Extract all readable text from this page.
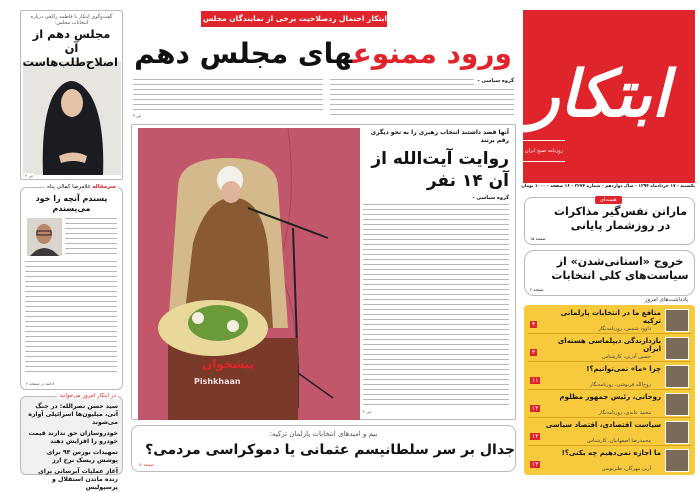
گفت‌وگوی ابتکار با فاطمه راکعی درباره انتخابات مجلس:
مجلس دهم از آن اصلاح‌طلب‌هاست
ص ۳
سرمقاله غلامرضا کمالی پناه
پسندم آنچه را خود می‌پسندم
ادامه در صفحه ۲
در ابتکار امروز می‌خوانید
سید حسن نصرالله: در جنگ آتی، میلیون‌ها اسرائیلی آواره می‌شوند
خودروسازان حق ندارند قیمت خودرو را افزایش دهند
تمهیدات بورس ۹۴ برای پوشش ریسک نرخ ارز
آغاز عملیات آبرسانی برای زنده ماندن استقلال و پرسپولیس
ابتکار احتمال ردصلاحیت برخی از نمایندگان مجلس را بررسی می کند:
ورود ممنوعهای مجلس دهم
گروه سیاسی -
ص ۳
پیشخوان
Pishkhaan
آنها قصد داشتند انتخاب رهبری را به نحو دیگری رقم بزنند
روایت آیت‌الله از آن ۱۴ نفر
گروه سیاسی -
ص ۲
بیم و امیدهای انتخابات پارلمان ترکیه:
جدال بر سر سلطانیسم عثمانی یا دموکراسی مردمی؟
صفحه ۱۴
ابتکار
روزنامه صبح ایران
یکشنبه - ۱۷ خردادماه ۱۳۹۴ - سال دوازدهم - شماره ۳۲۷۴ - ۱۶ صفحه - ۱۰۰۰ تومان
هسته‌ای
ماراتن نفس‌گیر مذاکرات در روزشمار پایانی
صفحه ۱۵
خروج «استانی‌شدن» از سیاست‌های کلی انتخابات
صفحه ۲
یادداشت‌های امروز
منافع ما در انتخابات پارلمانی ترکیه
داوود شمس، روزنامه‌نگار
۴
بازدارندگی دیپلماسی هسته‌ای ایران
حسین آذرنی، کارشناس
۴
چرا «ما» نمی‌توانیم؟!
روح‌الله فرنوشی، روزنامه‌نگار
۱۱
روحانی، رئیس جمهور مظلوم
محمد عابدی، روزنامه‌نگار
۱۲
سیاست اقتصادی، اقتصاد سیاسی
محمدرضا اصفهانیان، کارشناس
۱۲
ما اجازه نمی‌دهیم چه بکنی؟!
آرین مهرگان، طنزنویس
۱۳
